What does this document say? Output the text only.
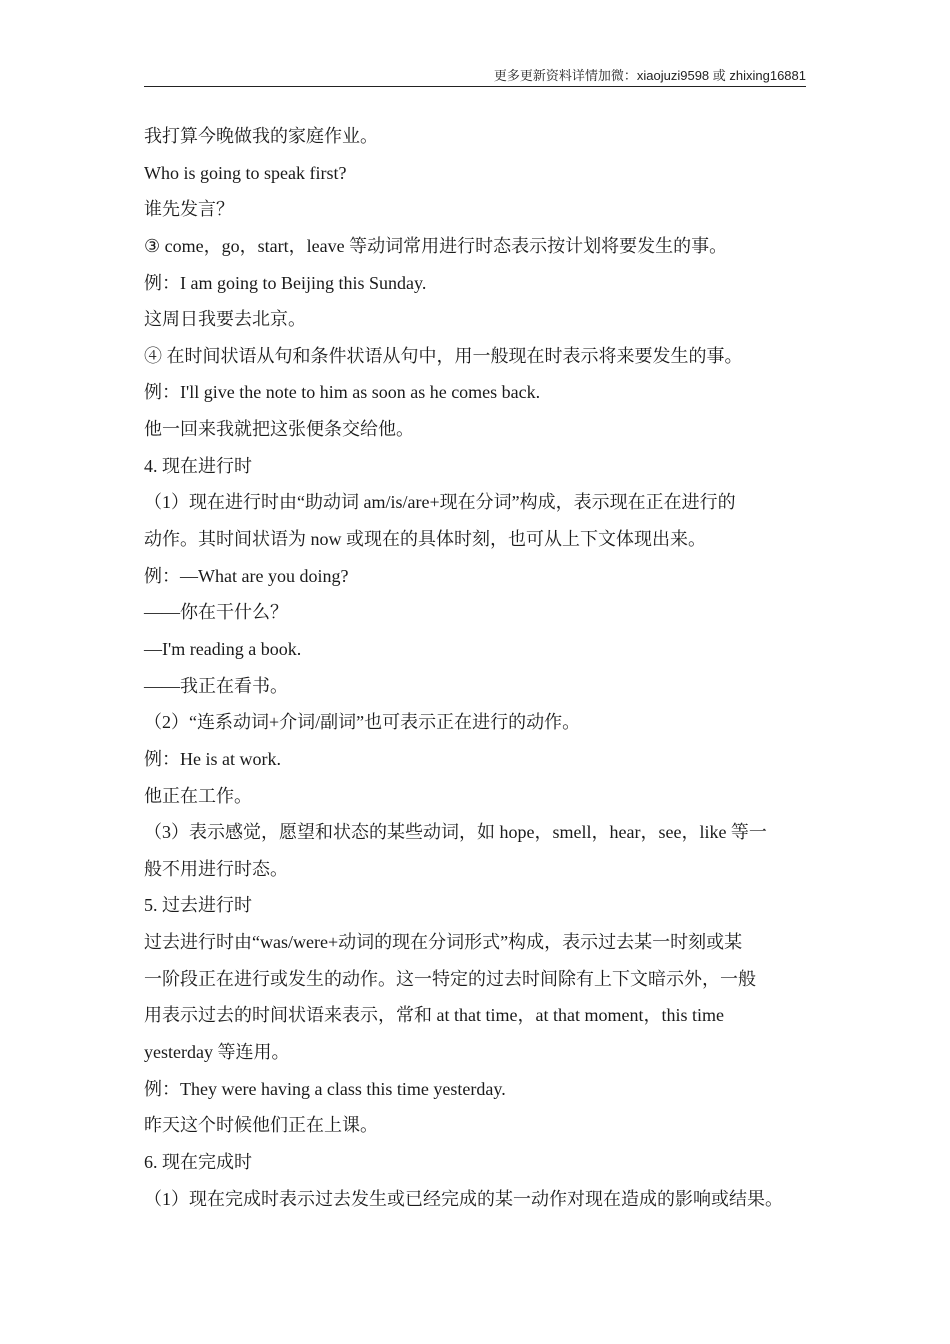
更多更新资料详情加微：xiaojuzi9598 或 zhixing16881
我打算今晚做我的家庭作业。
Who is going to speak first?
谁先发言？
③ come，go，start，leave 等动词常用进行时态表示按计划将要发生的事。
例：I am going to Beijing this Sunday.
这周日我要去北京。
④ 在时间状语从句和条件状语从句中，用一般现在时表示将来要发生的事。
例：I'll give the note to him as soon as he comes back.
他一回来我就把这张便条交给他。
4. 现在进行时
（1）现在进行时由“助动词 am/is/are+现在分词”构成，表示现在正在进行的
动作。其时间状语为 now 或现在的具体时刻，也可从上下文体现出来。
例：—What are you doing?
——你在干什么？
—I'm reading a book.
——我正在看书。
（2）“连系动词+介词/副词”也可表示正在进行的动作。
例：He is at work.
他正在工作。
（3）表示感觉，愿望和状态的某些动词，如 hope，smell，hear，see，like 等一
般不用进行时态。
5. 过去进行时
过去进行时由“was/were+动词的现在分词形式”构成，表示过去某一时刻或某
一阶段正在进行或发生的动作。这一特定的过去时间除有上下文暗示外，一般
用表示过去的时间状语来表示，常和 at that time，at that moment，this time
yesterday 等连用。
例：They were having a class this time yesterday.
昨天这个时候他们正在上课。
6. 现在完成时
（1）现在完成时表示过去发生或已经完成的某一动作对现在造成的影响或结果。
